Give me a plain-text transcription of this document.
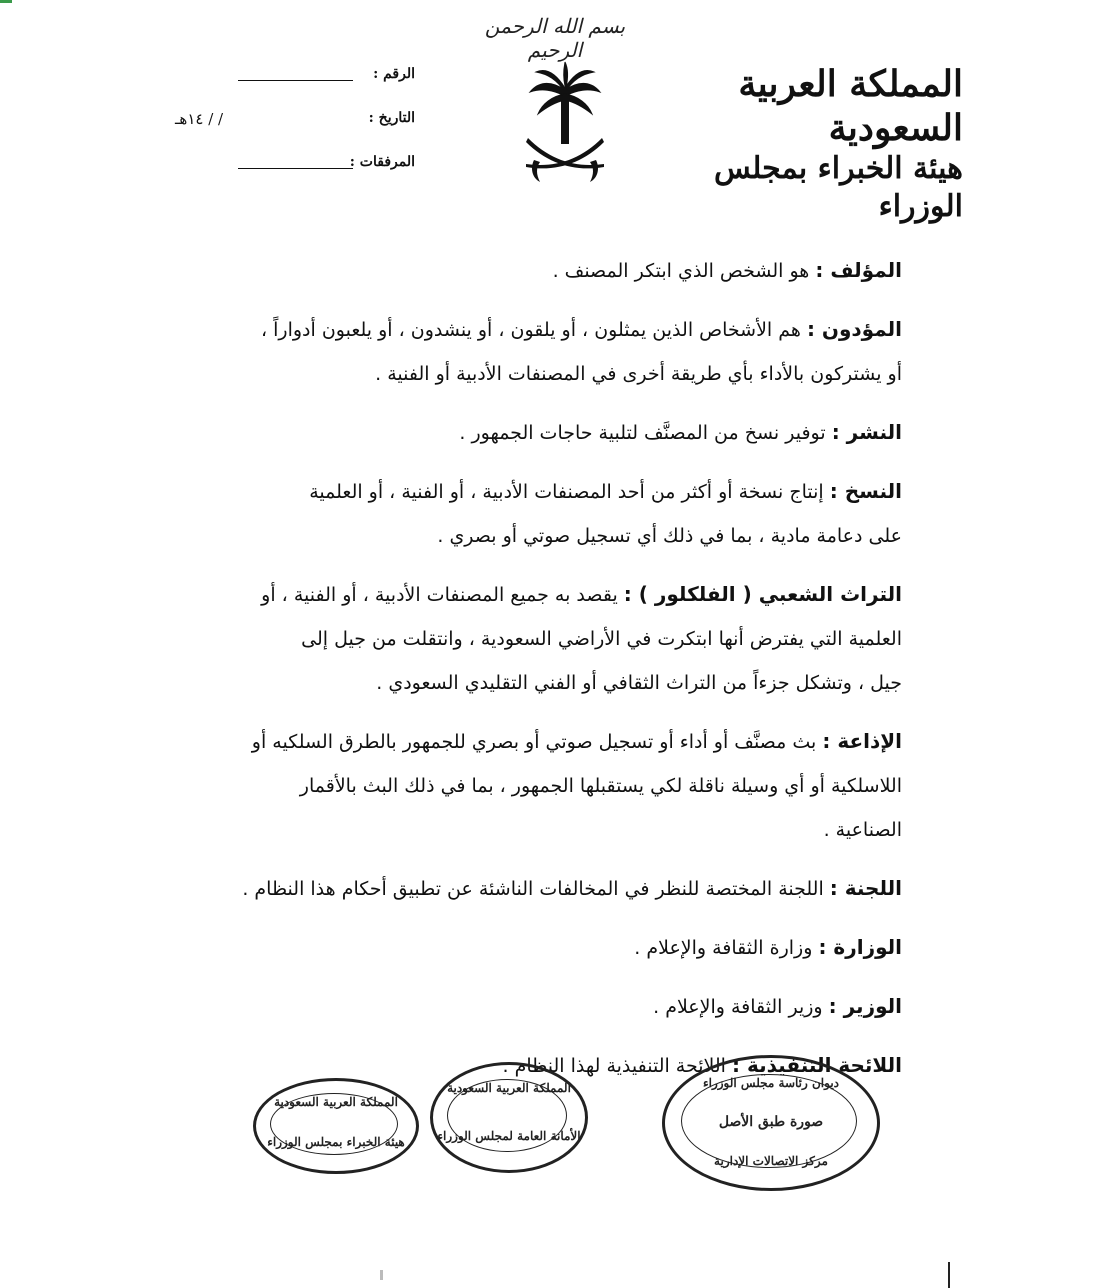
بسم الله الرحمن الرحيم
المملكة العربية السعودية
هيئة الخبراء بمجلس الوزراء
الرقم :
التاريخ :
١٤هـ / /
المرفقات :
المؤلف : هو الشخص الذي ابتكر المصنف .
المؤدون : هم الأشخاص الذين يمثلون ، أو يلقون ، أو ينشدون ، أو يلعبون أدواراً ،
أو يشتركون بالأداء بأي طريقة أخرى في المصنفات الأدبية أو الفنية .
النشر : توفير نسخ من المصنَّف لتلبية حاجات الجمهور .
النسخ : إنتاج نسخة أو أكثر من أحد المصنفات الأدبية ، أو الفنية ، أو العلمية
على دعامة مادية ، بما في ذلك أي تسجيل صوتي أو بصري .
التراث الشعبي ( الفلكلور ) : يقصد به جميع المصنفات الأدبية ، أو الفنية ، أو
العلمية التي يفترض أنها ابتكرت في الأراضي السعودية ، وانتقلت من جيل إلى
جيل ، وتشكل جزءاً من التراث الثقافي أو الفني التقليدي السعودي .
الإذاعة : بث مصنَّف أو أداء أو تسجيل صوتي أو بصري للجمهور بالطرق السلكيه أو
اللاسلكية أو أي وسيلة ناقلة لكي يستقبلها الجمهور ، بما في ذلك البث بالأقمار
الصناعية .
اللجنة : اللجنة المختصة للنظر في المخالفات الناشئة عن تطبيق أحكام هذا النظام .
الوزارة : وزارة الثقافة والإعلام .
الوزير : وزير الثقافة والإعلام .
اللائحة التنفيذية : اللائحة التنفيذية لهذا النظام .
المملكة العربية السعودية
هيئة الخبراء بمجلس الوزراء
المملكة العربية السعودية
الأمانة العامة لمجلس الوزراء
ديوان رئاسة مجلس الوزراء
صورة طبق الأصل
مركز الاتصالات الإدارية
